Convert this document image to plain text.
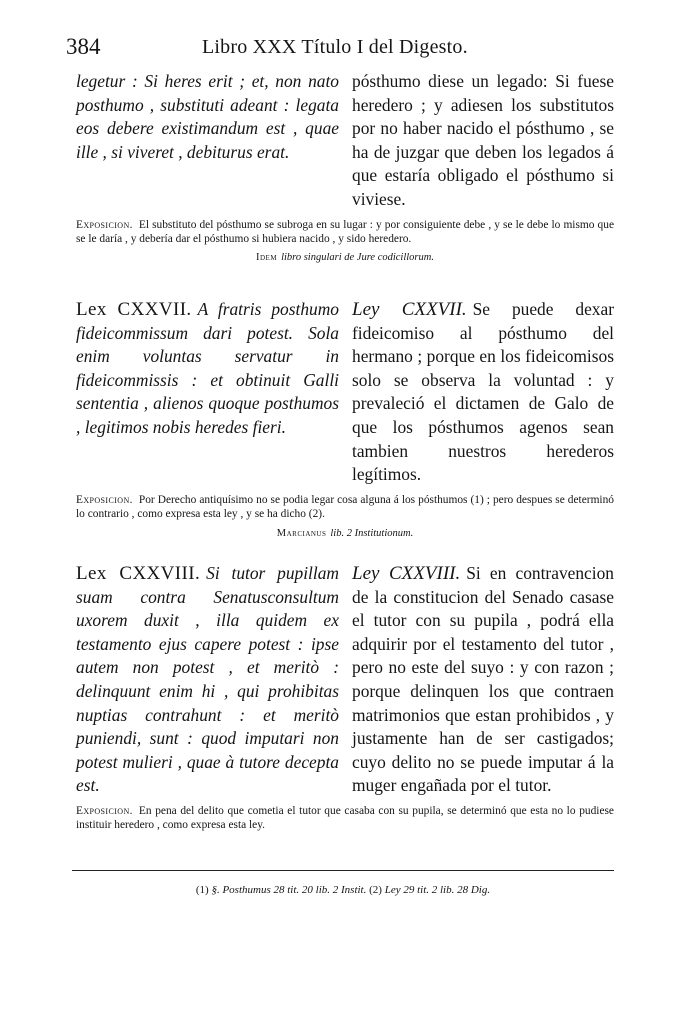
384	Libro XXX Título I del Digesto.
legetur : Si heres erit ; et, non nato posthumo , substituti adeant : legata eos debere existimandum est , quae ille , si viveret , debiturus erat.
pósthumo diese un legado: Si fuese heredero ; y adiesen los substitutos por no haber nacido el pósthumo , se ha de juzgar que deben los legados á que estaría obligado el pósthumo si viviese.
Exposicion. El substituto del pósthumo se subroga en su lugar : y por consiguiente debe , y se le debe lo mismo que se le daría , y debería dar el pósthumo si hubiera nacido , y sido heredero.
Idem libro singulari de Jure codicillorum.
Lex CXXVII. A fratris posthumo fideicommissum dari potest. Sola enim voluntas servatur in fideicommissis : et obtinuit Galli sententia , alienos quoque posthumos , legitimos nobis heredes fieri.
Ley CXXVII. Se puede dexar fideicomiso al pósthumo del hermano ; porque en los fideicomisos solo se observa la voluntad : y prevaleció el dictamen de Galo de que los pósthumos agenos sean tambien nuestros herederos legítimos.
Exposicion. Por Derecho antiquísimo no se podia legar cosa alguna á los pósthumos (1) ; pero despues se determinó lo contrario , como expresa esta ley , y se ha dicho (2).
Marcianus lib. 2 Institutionum.
Lex CXXVIII. Si tutor pupillam suam contra Senatusconsultum uxorem duxit , illa quidem ex testamento ejus capere potest : ipse autem non potest , et meritò : delinquunt enim hi , qui prohibitas nuptias contrahunt : et meritò puniendi, sunt : quod imputari non potest mulieri , quae à tutore decepta est.
Ley CXXVIII. Si en contravencion de la constitucion del Senado casase el tutor con su pupila , podrá ella adquirir por el testamento del tutor , pero no este del suyo : y con razon ; porque delinquen los que contraen matrimonios que estan prohibidos , y justamente han de ser castigados; cuyo delito no se puede imputar á la muger engañada por el tutor.
Exposicion. En pena del delito que cometia el tutor que casaba con su pupila, se determinó que esta no lo pudiese instituir heredero , como expresa esta ley.
(1) §. Posthumus 28 tit. 20 lib. 2 Instit. (2) Ley 29 tit. 2 lib. 28 Dig.
